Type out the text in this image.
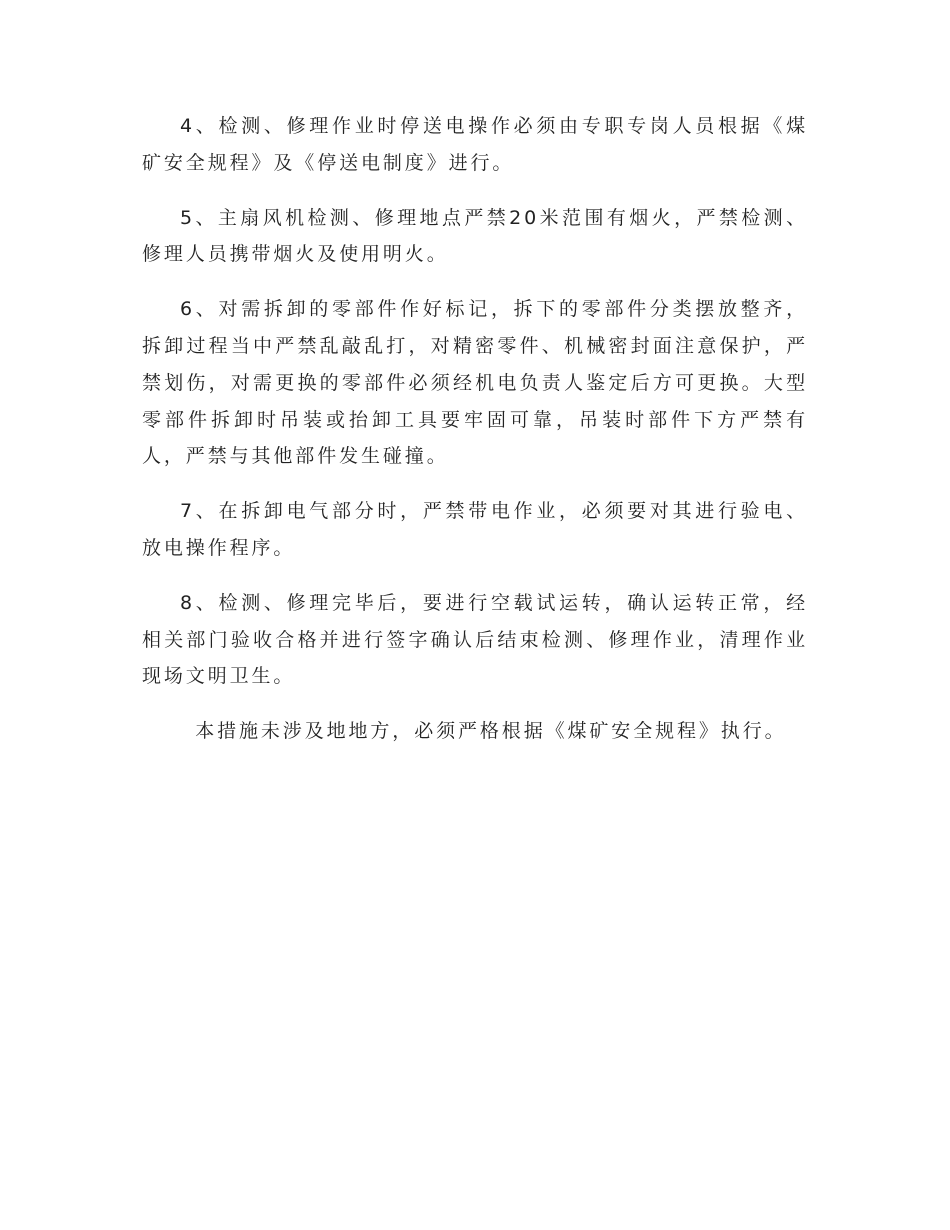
4、检测、修理作业时停送电操作必须由专职专岗人员根据《煤矿安全规程》及《停送电制度》进行。

5、主扇风机检测、修理地点严禁20米范围有烟火，严禁检测、修理人员携带烟火及使用明火。

6、对需拆卸的零部件作好标记，拆下的零部件分类摆放整齐，拆卸过程当中严禁乱敲乱打，对精密零件、机械密封面注意保护，严禁划伤，对需更换的零部件必须经机电负责人鉴定后方可更换。大型零部件拆卸时吊装或抬卸工具要牢固可靠，吊装时部件下方严禁有人，严禁与其他部件发生碰撞。

7、在拆卸电气部分时，严禁带电作业，必须要对其进行验电、放电操作程序。

8、检测、修理完毕后，要进行空载试运转，确认运转正常，经相关部门验收合格并进行签字确认后结束检测、修理作业，清理作业现场文明卫生。

本措施未涉及地地方，必须严格根据《煤矿安全规程》执行。
